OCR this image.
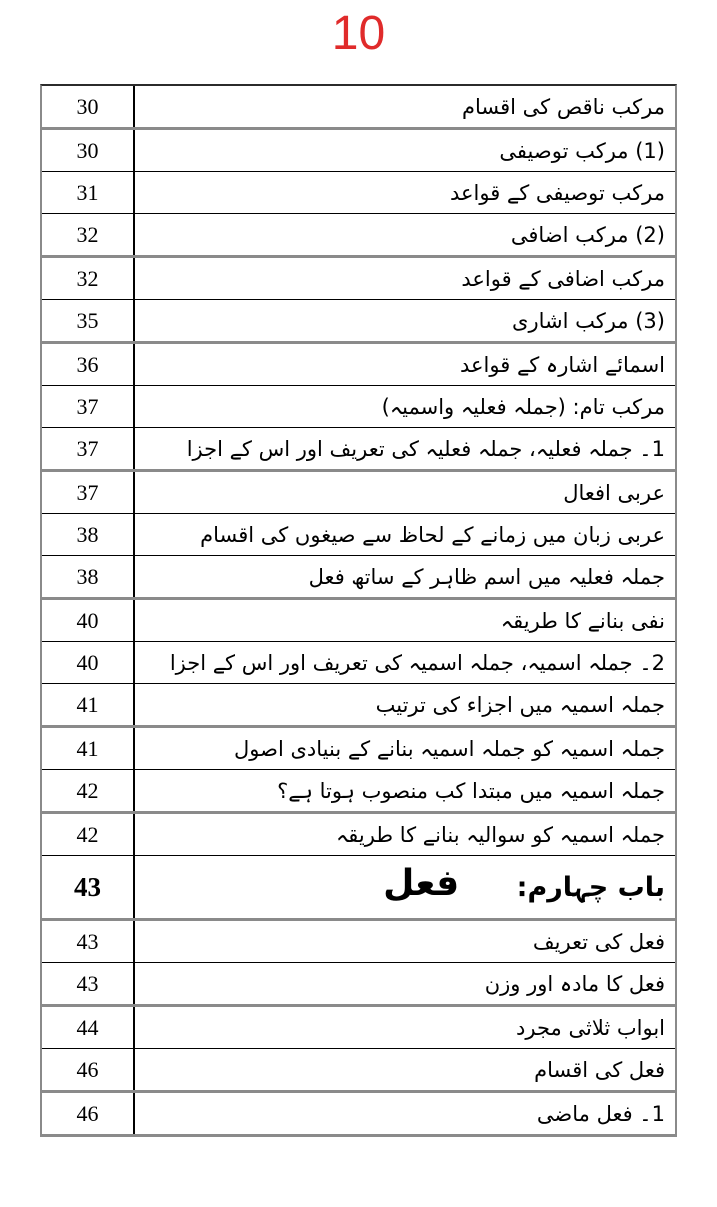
10
30	مرکب ناقص کی اقسام
30	(1) مرکب توصیفی
31	مرکب توصیفی کے قواعد
32	(2) مرکب اضافی
32	مرکب اضافی کے قواعد
35	(3) مرکب اشاری
36	اسمائے اشارہ کے قواعد
37	مرکب تام: (جملہ فعلیہ واسمیہ)
37	1۔ جملہ فعلیہ، جملہ فعلیہ کی تعریف اور اس کے اجزا
37	عربی افعال
38	عربی زبان میں زمانے کے لحاظ سے صیغوں کی اقسام
38	جملہ فعلیہ میں اسم ظاہر کے ساتھ فعل
40	نفی بنانے کا طریقہ
40	2۔ جملہ اسمیہ، جملہ اسمیہ کی تعریف اور اس کے اجزا
41	جملہ اسمیہ میں اجزاء کی ترتیب
41	جملہ اسمیہ کو جملہ اسمیہ بنانے کے بنیادی اصول
42	جملہ اسمیہ میں مبتدا کب منصوب ہوتا ہے؟
42	جملہ اسمیہ کو سوالیہ بنانے کا طریقہ
43	باب چہارم:
فعل
43	فعل کی تعریف
43	فعل کا مادہ اور وزن
44	ابواب ثلاثی مجرد
46	فعل کی اقسام
46	1۔ فعل ماضی
